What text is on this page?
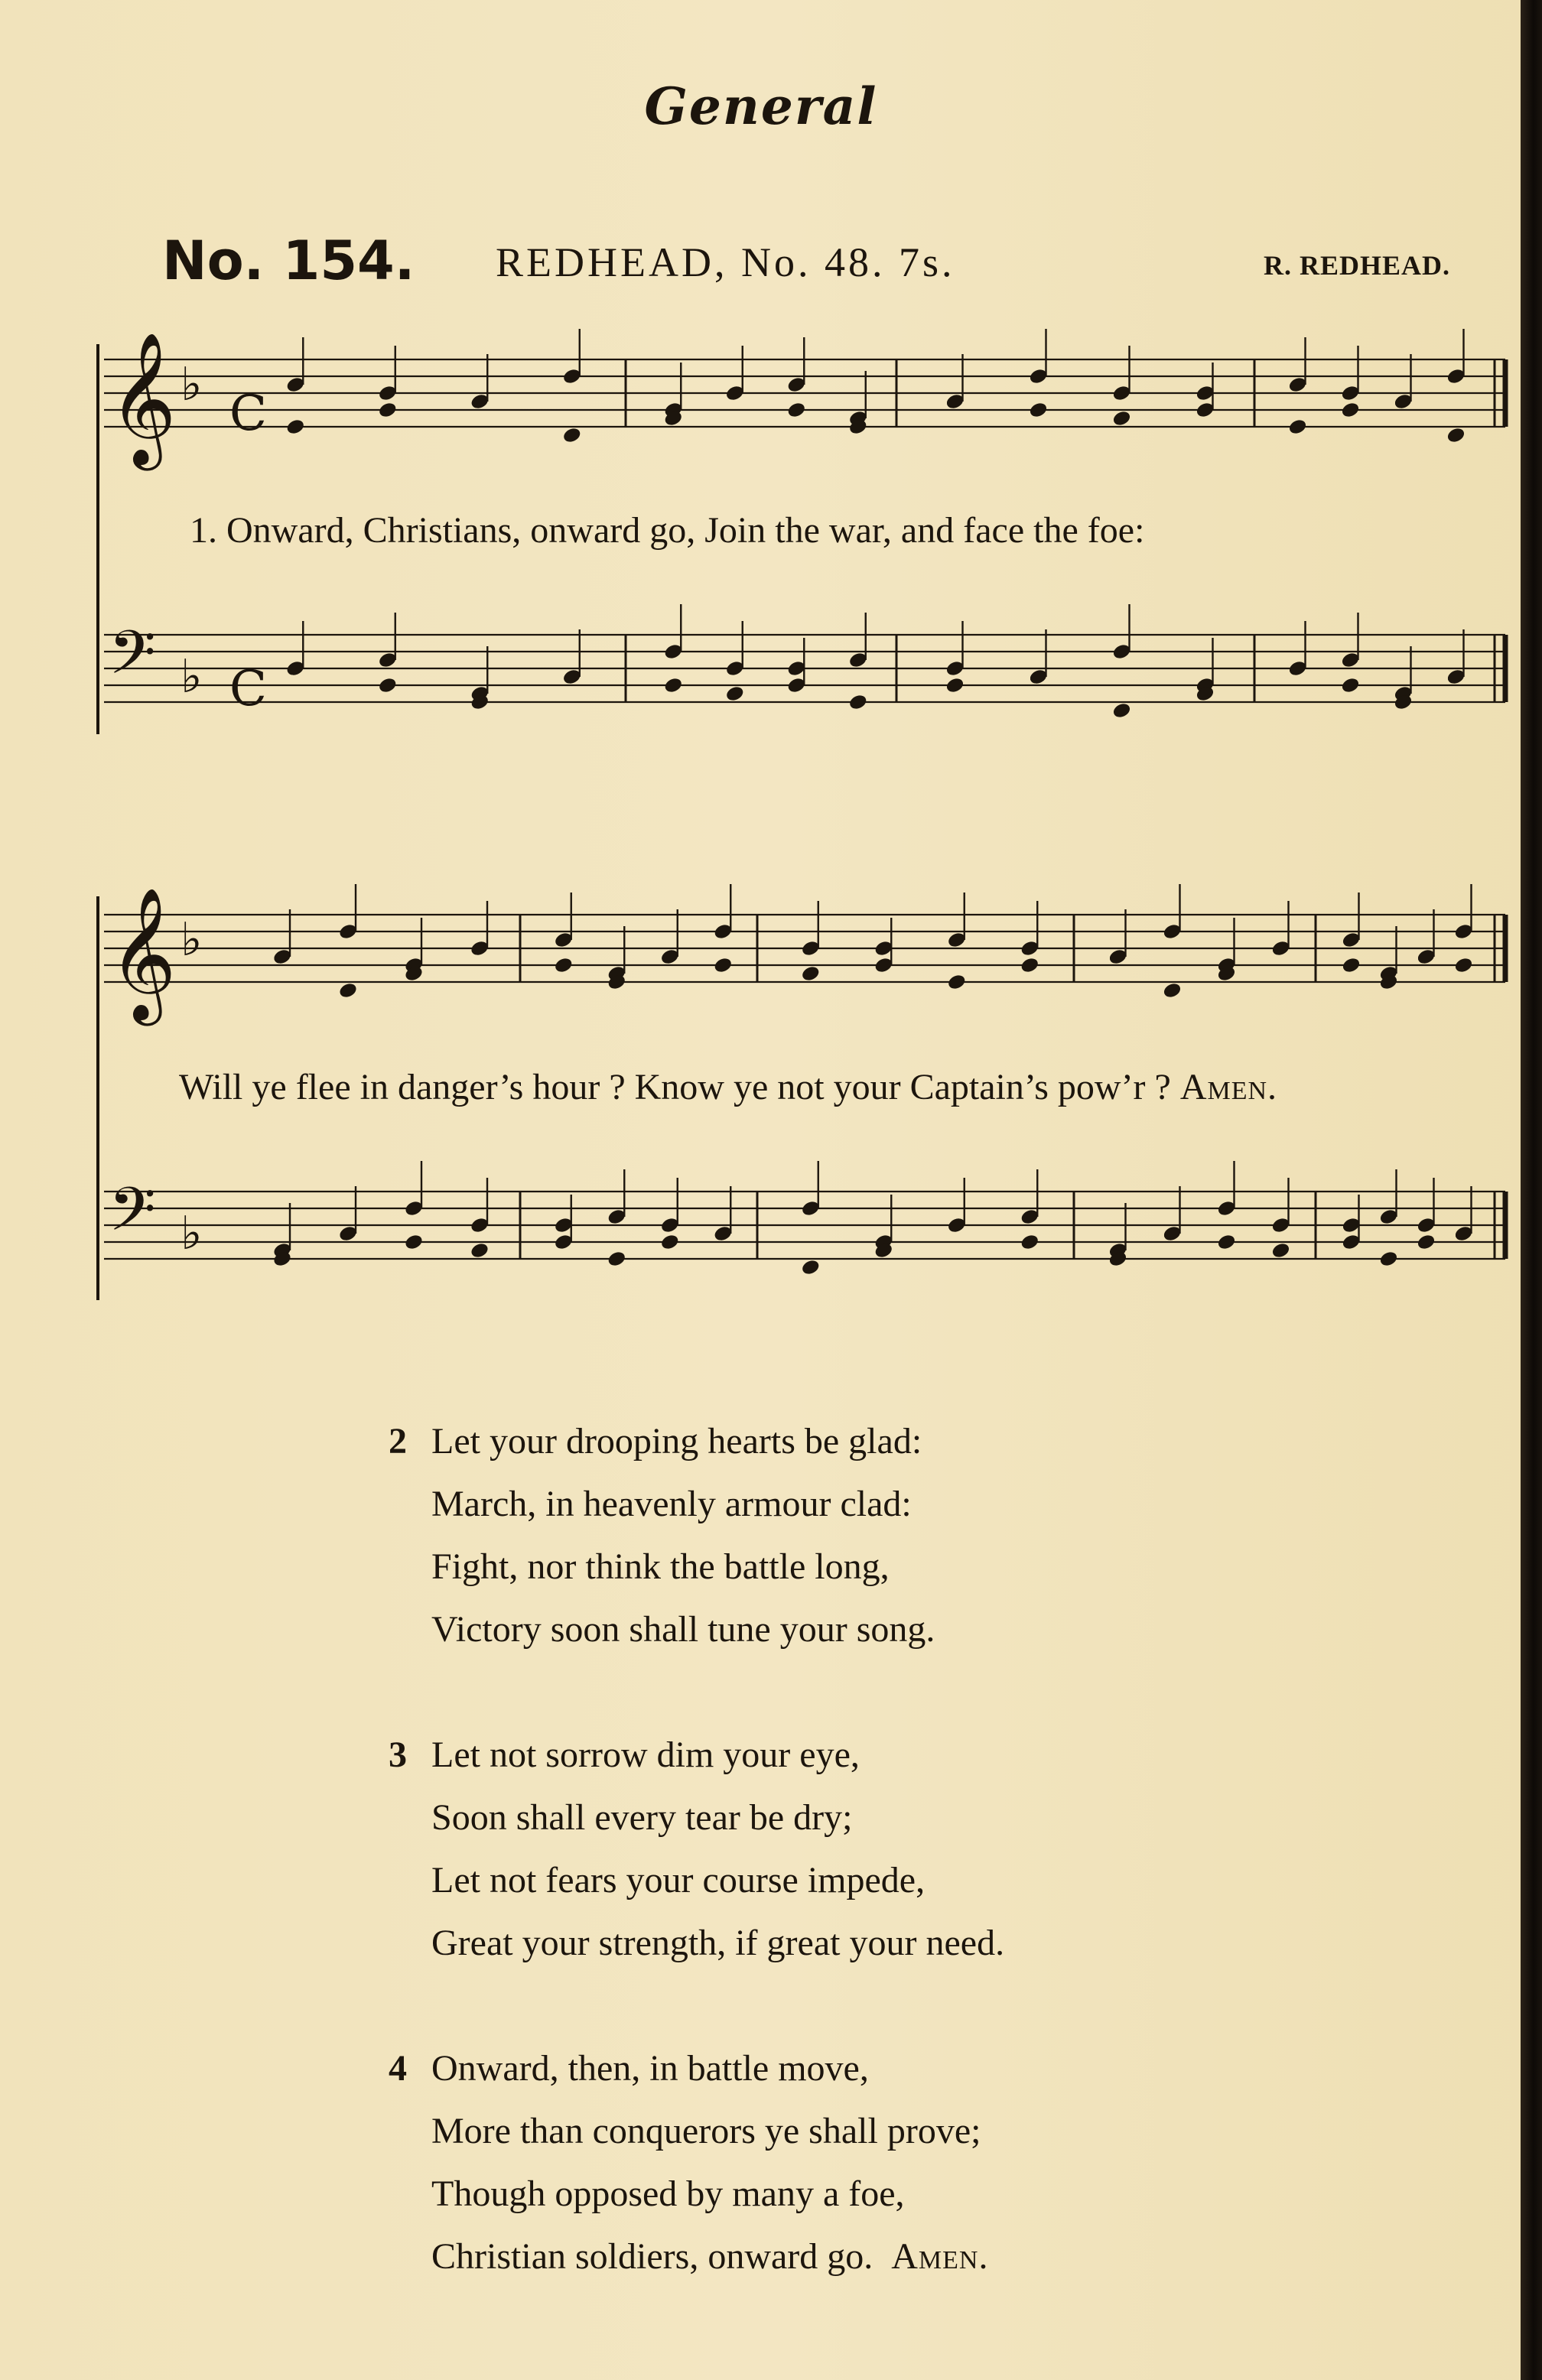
General
No. 154. REDHEAD, No. 48. 7s.	R. REDHEAD.
𝄞 ♭
𝄢 ♭
C
C
𝄞 ♭
𝄢 ♭
1. Onward, Christians, onward go, Join the war, and face the foe:
Will ye flee in danger’s hour ? Know ye not your Captain’s pow’r ? Amen.
2 Let your drooping hearts be glad:
March, in heavenly armour clad:
Fight, nor think the battle long,
Victory soon shall tune your song.
3 Let not sorrow dim your eye,
Soon shall every tear be dry;
Let not fears your course impede,
Great your strength, if great your need.
4 Onward, then, in battle move,
More than conquerors ye shall prove;
Though opposed by many a foe,
Christian soldiers, onward go. Amen.
